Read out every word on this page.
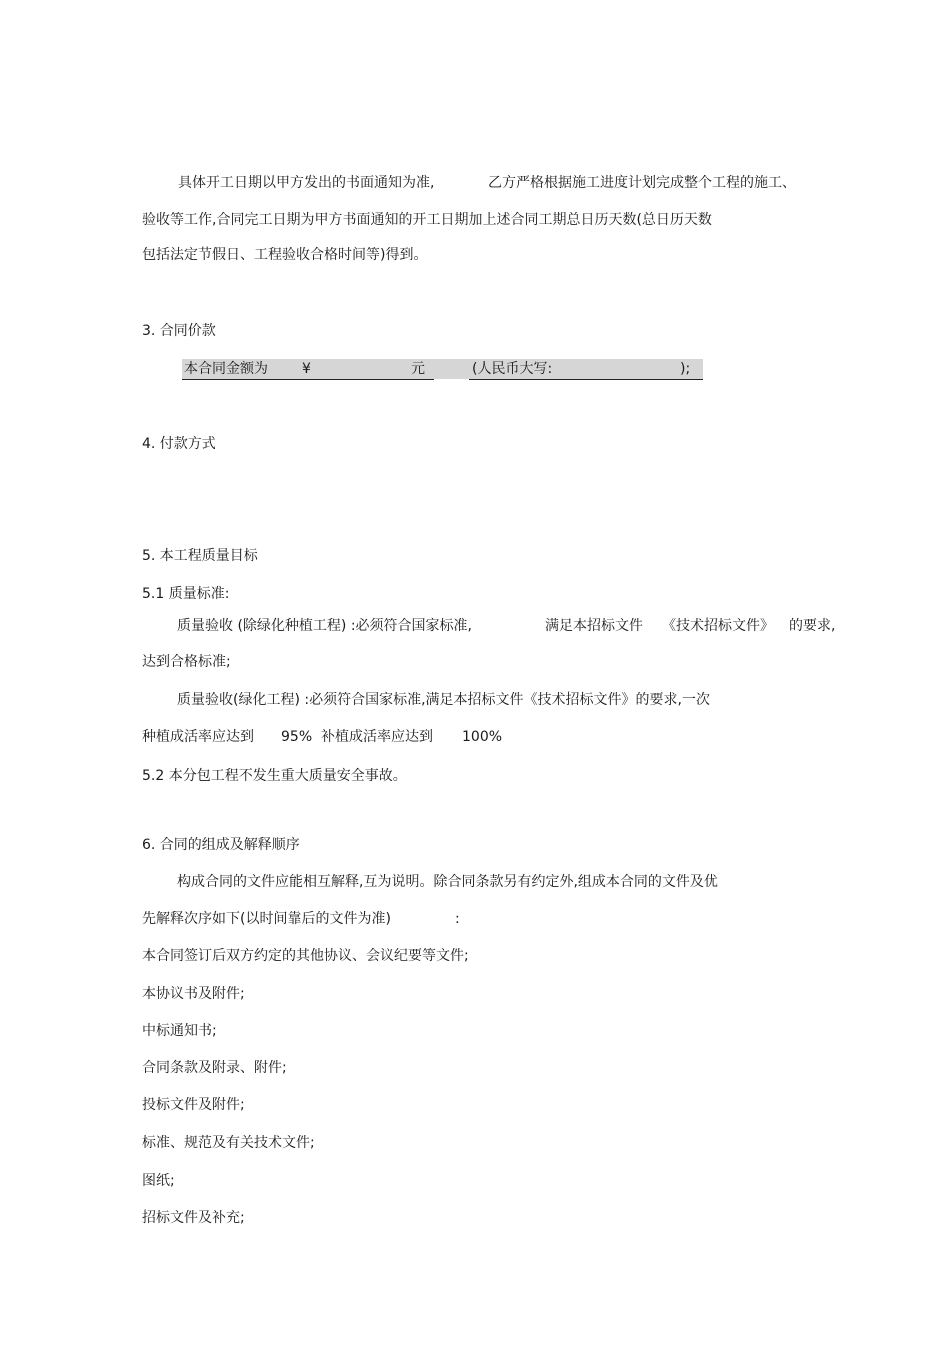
具体开工日期以甲方发出的书面通知为准,	乙方严格根据施工进度计划完成整个工程的施工、

验收等工作,合同完工日期为甲方书面通知的开工日期加上述合同工期总日历天数(总日历天数

包括法定节假日、工程验收合格时间等)得到。

3. 合同价款

本合同金额为 ¥	元	(人民币大写:	);

4. 付款方式

5. 本工程质量目标

5.1 质量标准:

质量验收 (除绿化种植工程) :必须符合国家标准,	满足本招标文件 《技术招标文件》 的要求,

达到合格标准;

质量验收(绿化工程) :必须符合国家标准,满足本招标文件《技术招标文件》的要求,一次

种植成活率应达到 95% 补植成活率应达到 100%

5.2 本分包工程不发生重大质量安全事故。

6. 合同的组成及解释顺序

构成合同的文件应能相互解释,互为说明。除合同条款另有约定外,组成本合同的文件及优

先解释次序如下(以时间靠后的文件为准)	:

本合同签订后双方约定的其他协议、会议纪要等文件;

本协议书及附件;

中标通知书;

合同条款及附录、附件;

投标文件及附件;

标准、规范及有关技术文件;

图纸;

招标文件及补充;
